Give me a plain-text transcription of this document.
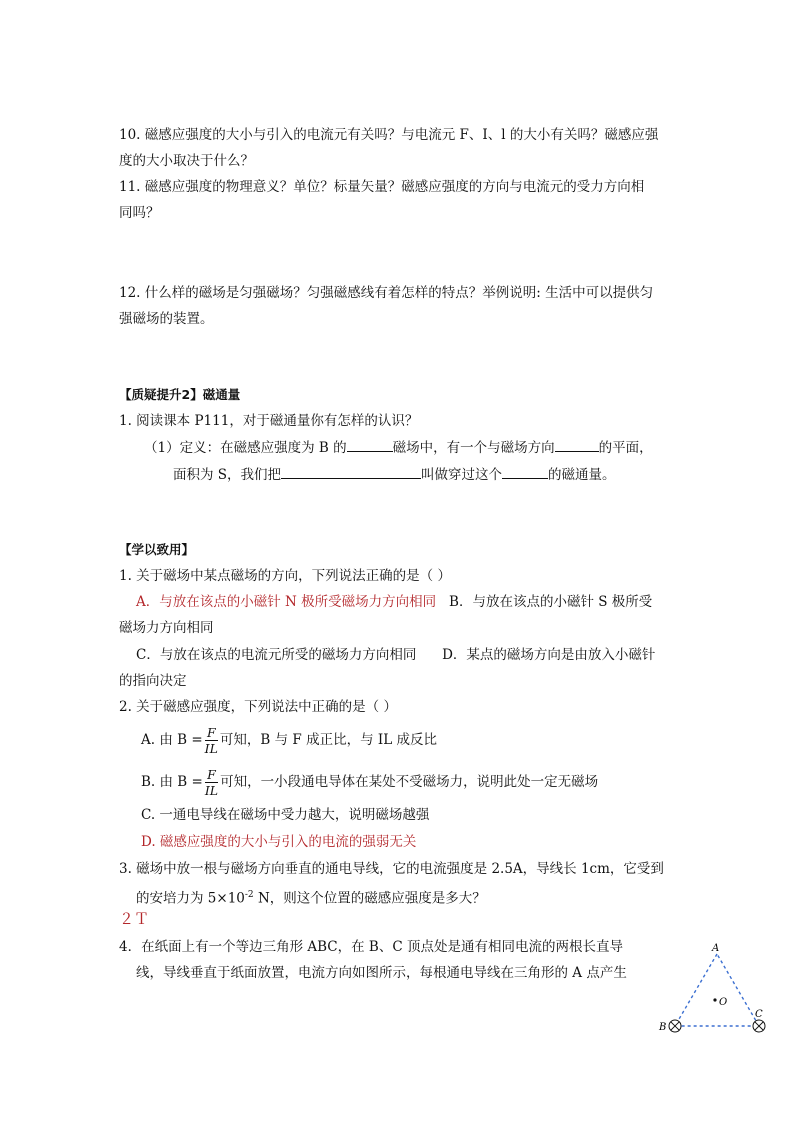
10. 磁感应强度的大小与引入的电流元有关吗？与电流元 F、I、l 的大小有关吗？磁感应强
度的大小取决于什么？
11. 磁感应强度的物理意义？单位？标量矢量？磁感应强度的方向与电流元的受力方向相
同吗？
12. 什么样的磁场是匀强磁场？匀强磁感线有着怎样的特点？举例说明: 生活中可以提供匀
强磁场的装置。
【质疑提升2】磁通量
1. 阅读课本 P111，对于磁通量你有怎样的认识？
（1）定义：在磁感应强度为 B 的	磁场中，有一个与磁场方向	的平面，
面积为 S，我们把	叫做穿过这个	的磁通量。
【学以致用】
1. 关于磁场中某点磁场的方向，下列说法正确的是（ ）
A．与放在该点的小磁针 N 极所受磁场力方向相同 B．与放在该点的小磁针 S 极所受
磁场力方向相同
C．与放在该点的电流元所受的磁场力方向相同 D．某点的磁场方向是由放入小磁针
的指向决定
2. 关于磁感应强度，下列说法中正确的是（ ）
A. 由 $B = \frac{F}{IL}$ 可知，B 与 F 成正比，与 IL 成反比
B. 由 $B = \frac{F}{IL}$ 可知，一小段通电导体在某处不受磁场力，说明此处一定无磁场
C. 一通电导线在磁场中受力越大，说明磁场越强
D. 磁感应强度的大小与引入的电流的强弱无关
3. 磁场中放一根与磁场方向垂直的通电导线，它的电流强度是 2.5A，导线长 1cm，它受到
的安培力为 $5\times 10^{-2}$ N，则这个位置的磁感应强度是多大？
２Ｔ
4．在纸面上有一个等边三角形 ABC，在 B、C 顶点处是通有相同电流的两根长直导
线，导线垂直于纸面放置，电流方向如图所示，每根通电导线在三角形的 A 点产生
A
B
C
O
